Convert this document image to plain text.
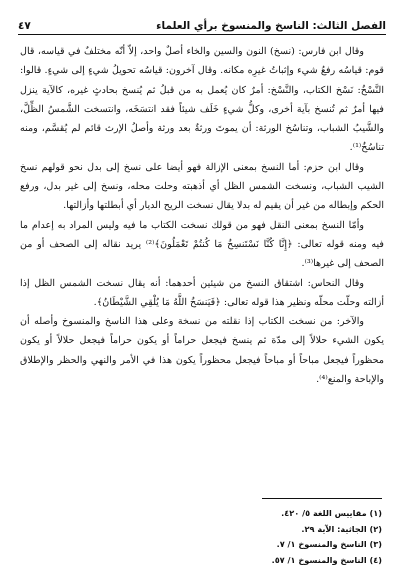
الفصل الثالث: الناسخ والمنسوخ برأي العلماء
٤٧

وقال ابن فارس: (نسخ) النون والسين والخاء أصلٌ واحد، إلاّ أنّه مختلفٌ في قياسه، قال قوم: قياسُه رفعُ شيء وإثباتُ غيرِه مكانه. وقال آخرون: قياسُه تحويلُ شيءٍ إلى شيءٍ. قالوا: النَّسْخُ: نَسْخ الكتاب، والنَّسْخ: أمرٌ كان يُعمل به من قبلُ ثم يُنسخ بحادثٍ غيره، كالآية ينزل فيها أمرٌ ثم تُنسخ بآية أخرى، وكلُّ شيءٍ خَلَف شيئاً فقد انتسَخَه، وانتسخت الشَّمسُ الظِّلَّ، والشَّيبُ الشباب، وتناسُخ الورثة: أن يموتَ ورثةٌ بعد ورثة وأصلُ الإرث قائم لم يُقسَّم، ومنه تناسُخُ⁽¹⁾.

وقال ابن حزم: أما النسخ بمعنى الإزالة فهو أيضا على نسخ إلى بدل نحو قولهم نسخ الشيب الشباب، ونسخت الشمس الظل أي أذهبته وحلت محله، ونسخ إلى غير بدل، ورفع الحكم وإبطاله من غير أن يقيم له بدلا يقال نسخت الريح الديار أي أبطلتها وأزالتها.

وأمّا النسخ بمعنى النقل فهو من قولك نسخت الكتاب ما فيه وليس المراد به إعدام ما فيه ومنه قوله تعالى: ﴿إِنَّا كُنَّا نَسْتَنسِخُ مَا كُنتُمْ تَعْمَلُونَ﴾⁽²⁾ يريد نقاله إلى الصحف أو من الصحف إلى غيرها⁽³⁾.

وقال النحاس: اشتقاق النسخ من شيئين أحدهما: أنه يقال نسخت الشمس الظل إذا أزالته وحلّت محلّه ونظير هذا قوله تعالى: ﴿فَيَنسَخُ اللَّهُ مَا يُلْقِي الشَّيْطَانُ﴾.

والآخر: من نسخت الكتاب إذا نقلته من نسخة وعلى هذا الناسخ والمنسوخ وأصله أن يكون الشيء حلالاً إلى مدّة ثم ينسخ فيجعل حراماً أو يكون حراماً فيجعل حلالاً أو يكون محظوراً فيجعل مباحاً أو مباحاً فيجعل محظوراً يكون هذا في الأمر والنهي والحظر والإطلاق والإباحة والمنع⁽⁴⁾.

(١) مقاييس اللغة ٥/ ٤٢٠.
(٢) الجاثية: الآية ٢٩.
(٣) الناسخ والمنسوخ ١/ ٧.
(٤) الناسخ والمنسوخ ١/ ٥٧.
